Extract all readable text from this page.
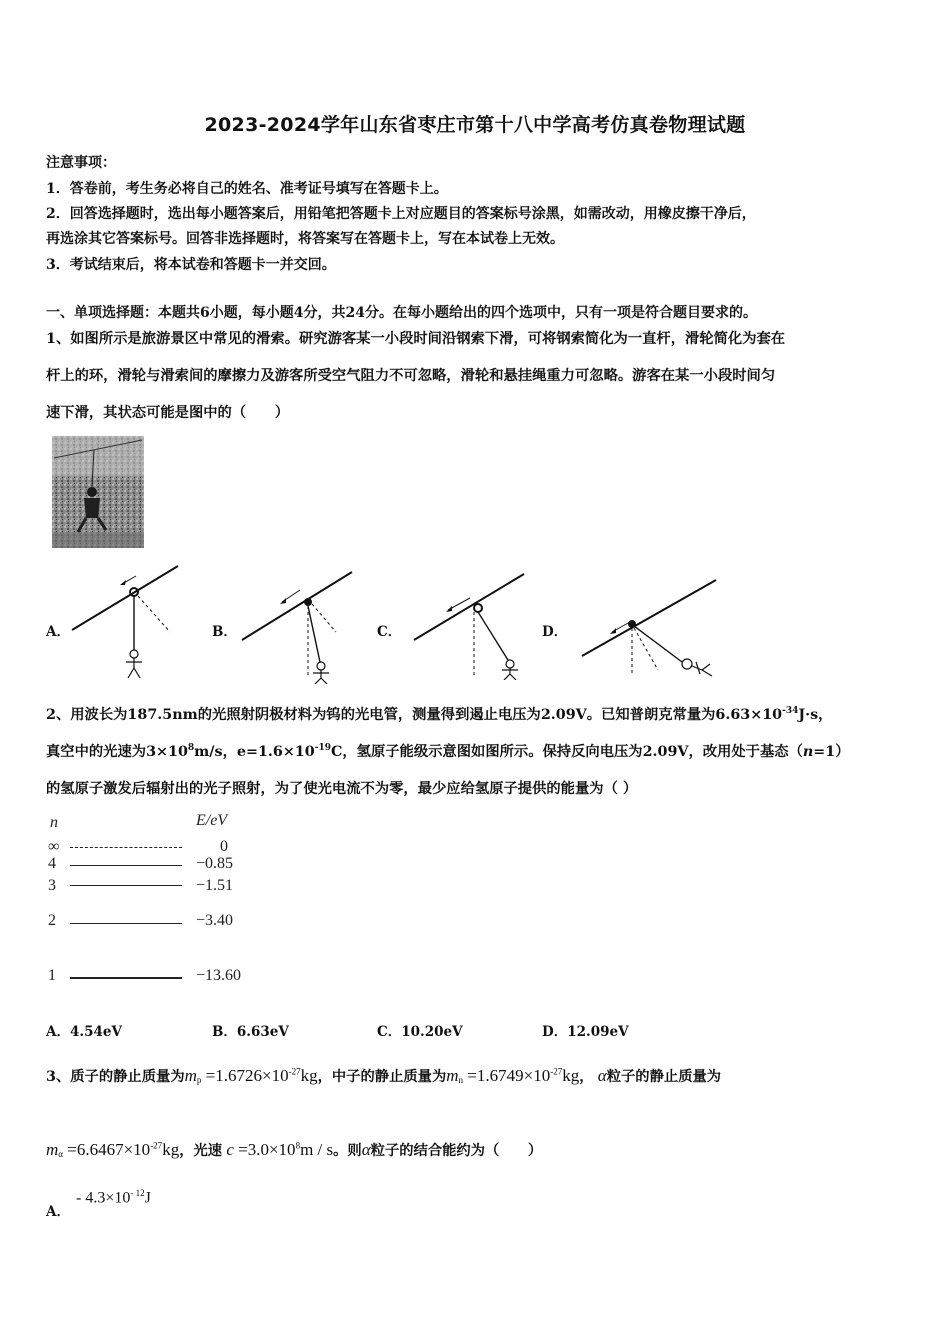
2023-2024学年山东省枣庄市第十八中学高考仿真卷物理试题
注意事项：
1．答卷前，考生务必将自己的姓名、准考证号填写在答题卡上。
2．回答选择题时，选出每小题答案后，用铅笔把答题卡上对应题目的答案标号涂黑，如需改动，用橡皮擦干净后，
再选涂其它答案标号。回答非选择题时，将答案写在答题卡上，写在本试卷上无效。
3．考试结束后，将本试卷和答题卡一并交回。
一、单项选择题：本题共6小题，每小题4分，共24分。在每小题给出的四个选项中，只有一项是符合题目要求的。
1、如图所示是旅游景区中常见的滑索。研究游客某一小段时间沿钢索下滑，可将钢索简化为一直杆，滑轮简化为套在
杆上的环，滑轮与滑索间的摩擦力及游客所受空气阻力不可忽略，滑轮和悬挂绳重力可忽略。游客在某一小段时间匀
速下滑，其状态可能是图中的（　　）
A．	B．	C．	D．
2、用波长为187.5nm的光照射阴极材料为钨的光电管，测量得到遏止电压为2.09V。已知普朗克常量为$6.63\times 10^{-34}J\cdot s$，
真空中的光速为$3\times 10^8m/s$，$e=1.6\times 10^{-19}C$，氢原子能级示意图如图所示。保持反向电压为2.09V，改用处于基态（n=1）
的氢原子激发后辐射出的光子照射，为了使光电流不为零，最少应给氢原子提供的能量为（ ）
n	E/eV
∞	0
4	−0.85
3	−1.51
2	−3.40
1	−13.60
A．4.54eV	B．6.63eV	C．10.20eV	D．12.09eV
3、质子的静止质量为$m_p =1.6726\times 10^{-27}kg$，中子的静止质量为$m_n =1.6749\times 10^{-27}kg$， α粒子的静止质量为
$m_\alpha =6.6467\times 10^{-27}kg$，光速 $c =3.0\times 10^8m / s$。则α粒子的结合能约为（　　）
A．
- $4.3\times 10^{- 12}J$
